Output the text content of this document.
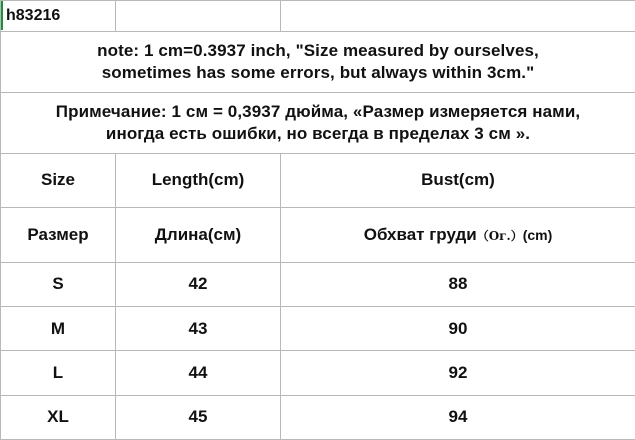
h83216		

note: 1 cm=0.3937 inch, "Size measured by ourselves,
sometimes has some errors, but always within 3cm."		

Примечание: 1 см = 0,3937 дюйма, «Размер измеряется нами,
иногда есть ошибки, но всегда в пределах 3 см ».		

Size	Length(cm)	Bust(cm)
Размер	Длина(см)	Обхват груди（Ог.）(cm)
S	42	88
M	43	90
L	44	92
XL	45	94
